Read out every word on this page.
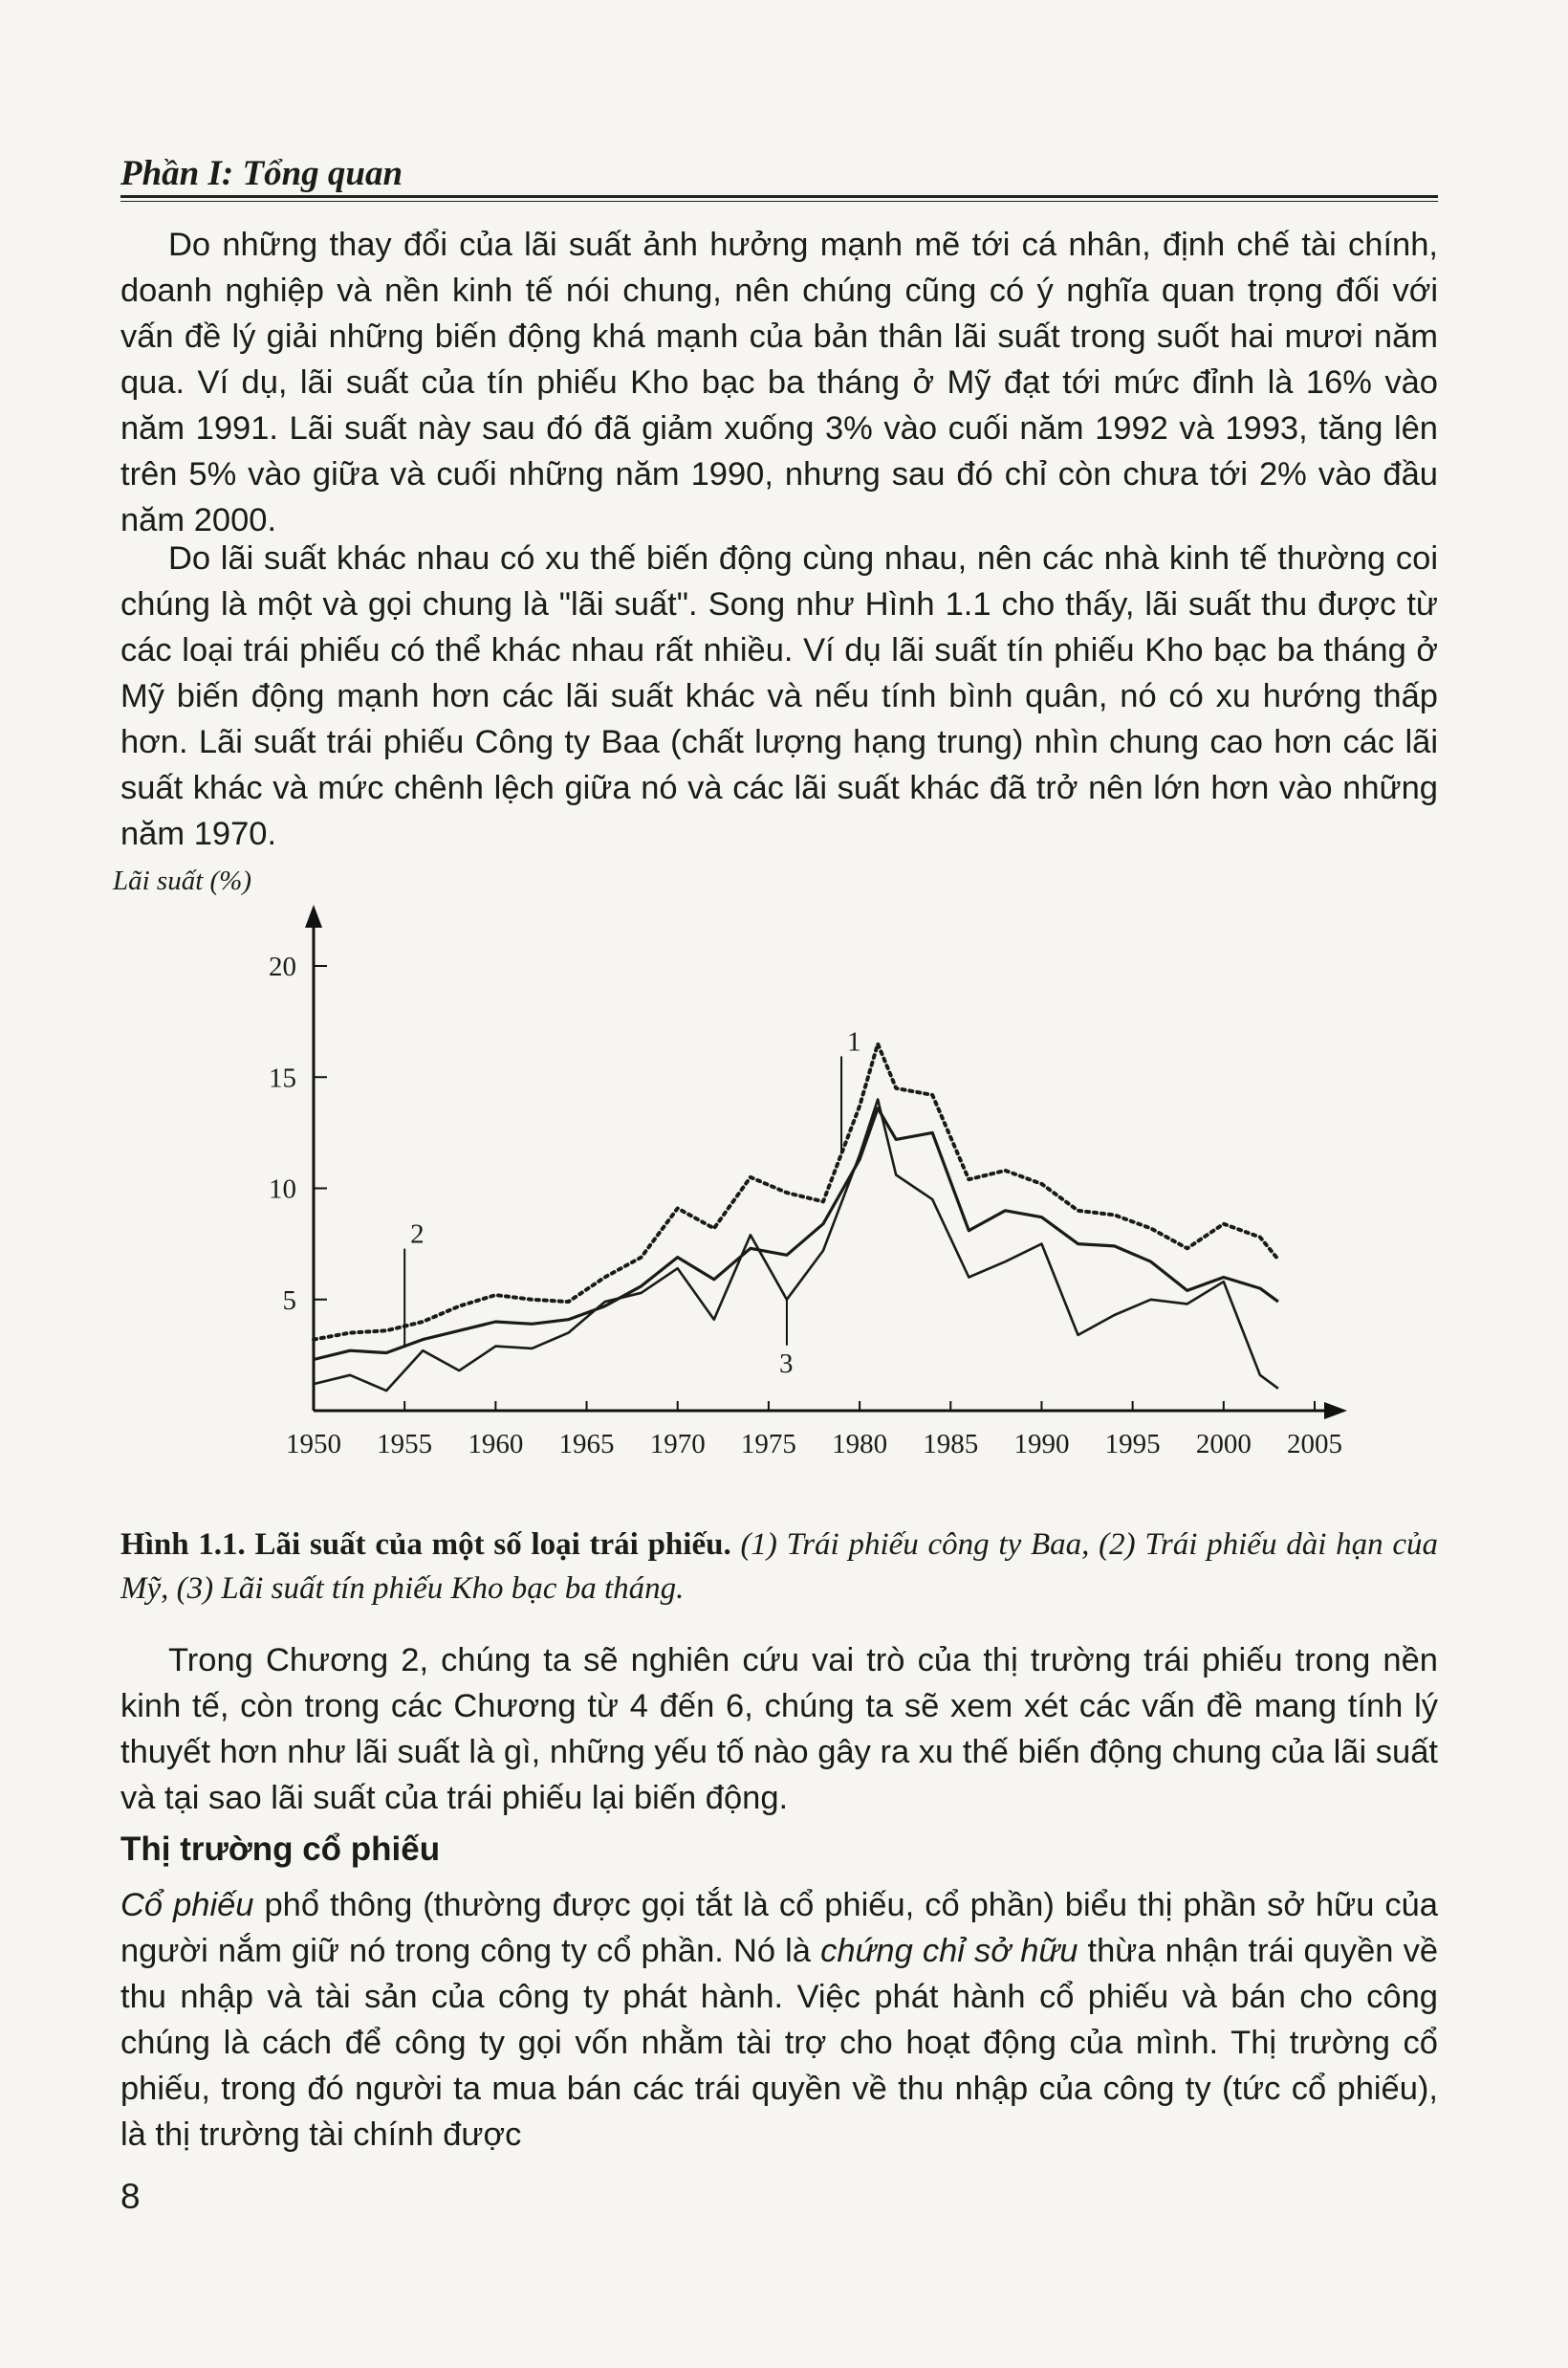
Phần I: Tổng quan
Do những thay đổi của lãi suất ảnh hưởng mạnh mẽ tới cá nhân, định chế tài chính, doanh nghiệp và nền kinh tế nói chung, nên chúng cũng có ý nghĩa quan trọng đối với vấn đề lý giải những biến động khá mạnh của bản thân lãi suất trong suốt hai mươi năm qua. Ví dụ, lãi suất của tín phiếu Kho bạc ba tháng ở Mỹ đạt tới mức đỉnh là 16% vào năm 1991. Lãi suất này sau đó đã giảm xuống 3% vào cuối năm 1992 và 1993, tăng lên trên 5% vào giữa và cuối những năm 1990, nhưng sau đó chỉ còn chưa tới 2% vào đầu năm 2000.
Do lãi suất khác nhau có xu thế biến động cùng nhau, nên các nhà kinh tế thường coi chúng là một và gọi chung là "lãi suất". Song như Hình 1.1 cho thấy, lãi suất thu được từ các loại trái phiếu có thể khác nhau rất nhiều. Ví dụ lãi suất tín phiếu Kho bạc ba tháng ở Mỹ biến động mạnh hơn các lãi suất khác và nếu tính bình quân, nó có xu hướng thấp hơn. Lãi suất trái phiếu Công ty Baa (chất lượng hạng trung) nhìn chung cao hơn các lãi suất khác và mức chênh lệch giữa nó và các lãi suất khác đã trở nên lớn hơn vào những năm 1970.
Lãi suất (%)
5
10
15
20
1950 1955 1960 1965 1970 1975 1980 1985 1990 1995 2000 2005
1
2
3
Hình 1.1. Lãi suất của một số loại trái phiếu. (1) Trái phiếu công ty Baa, (2) Trái phiếu dài hạn của Mỹ, (3) Lãi suất tín phiếu Kho bạc ba tháng.
Trong Chương 2, chúng ta sẽ nghiên cứu vai trò của thị trường trái phiếu trong nền kinh tế, còn trong các Chương từ 4 đến 6, chúng ta sẽ xem xét các vấn đề mang tính lý thuyết hơn như lãi suất là gì, những yếu tố nào gây ra xu thế biến động chung của lãi suất và tại sao lãi suất của trái phiếu lại biến động.
Thị trường cổ phiếu
Cổ phiếu phổ thông (thường được gọi tắt là cổ phiếu, cổ phần) biểu thị phần sở hữu của người nắm giữ nó trong công ty cổ phần. Nó là chứng chỉ sở hữu thừa nhận trái quyền về thu nhập và tài sản của công ty phát hành. Việc phát hành cổ phiếu và bán cho công chúng là cách để công ty gọi vốn nhằm tài trợ cho hoạt động của mình. Thị trường cổ phiếu, trong đó người ta mua bán các trái quyền về thu nhập của công ty (tức cổ phiếu), là thị trường tài chính được
8
